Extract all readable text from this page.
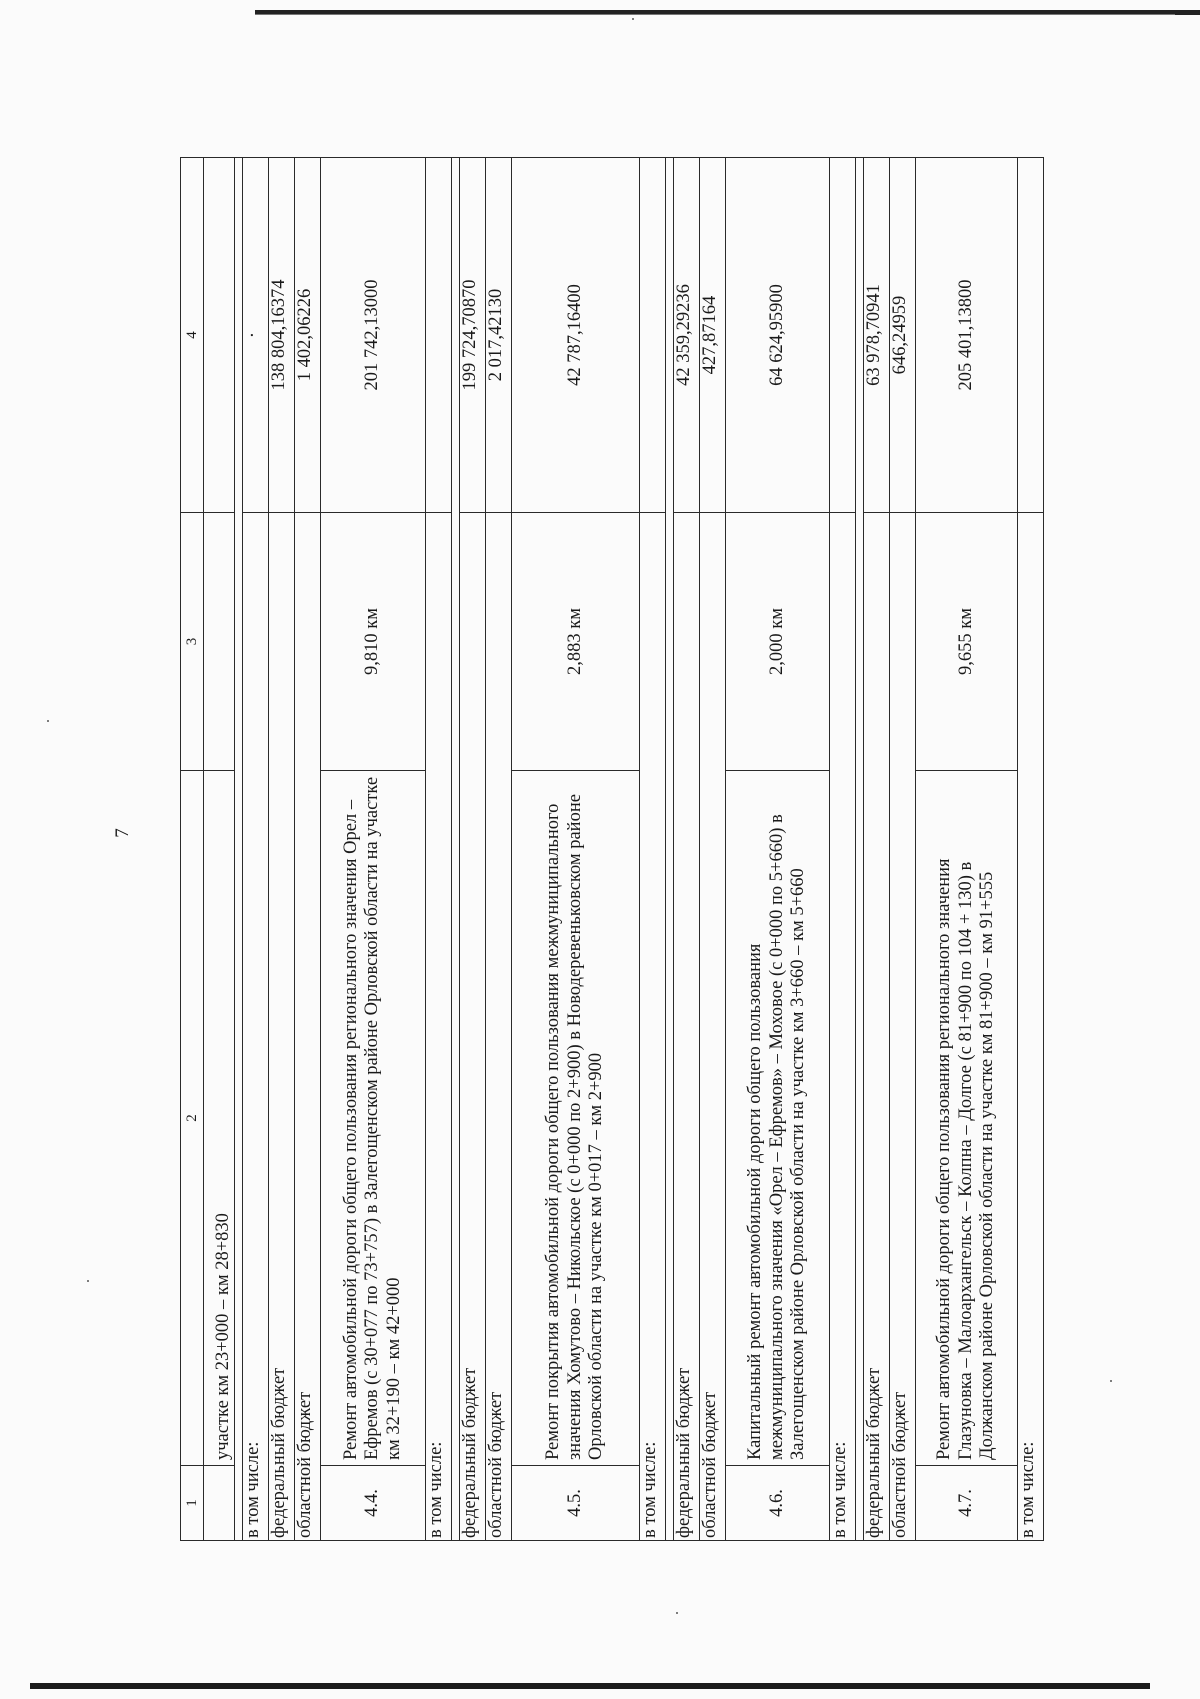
7
1	2	3	4
	участке км 23+000 – км 28+830		

в том числе:			·
федеральный бюджет			138 804,16374
областной бюджет			1 402,06226
4.4.	Ремонт автомобильной дороги общего пользования регионального значения Орел – Ефремов (с 30+077 по 73+757) в Залегощенском районе Орловской области на участке км 32+190 – км 42+000	9,810 км	201 742,13000
в том числе:			

федеральный бюджет			199 724,70870
областной бюджет			2 017,42130
4.5.	Ремонт покрытия автомобильной дороги общего пользования межмуниципального значения Хомутово – Никольское (с 0+000 по 2+900) в Новодеревеньковском районе Орловской области на участке км 0+017 – км 2+900	2,883 км	42 787,16400
в том числе:			

федеральный бюджет			42 359,29236
областной бюджет			427,87164
4.6.	Капитальный ремонт автомобильной дороги общего пользования межмуниципального значения «Орел – Ефремов» – Моховое (с 0+000 по 5+660) в Залегощенском районе Орловской области на участке км 3+660 – км 5+660	2,000 км	64 624,95900
в том числе:			

федеральный бюджет			63 978,70941
областной бюджет			646,24959
4.7.	Ремонт автомобильной дороги общего пользования регионального значения Глазуновка – Малоархангельск – Колпна – Долгое (с 81+900 по 104 + 130) в Должанском районе Орловской области на участке км 81+900 – км 91+555	9,655 км	205 401,13800
в том числе:			
